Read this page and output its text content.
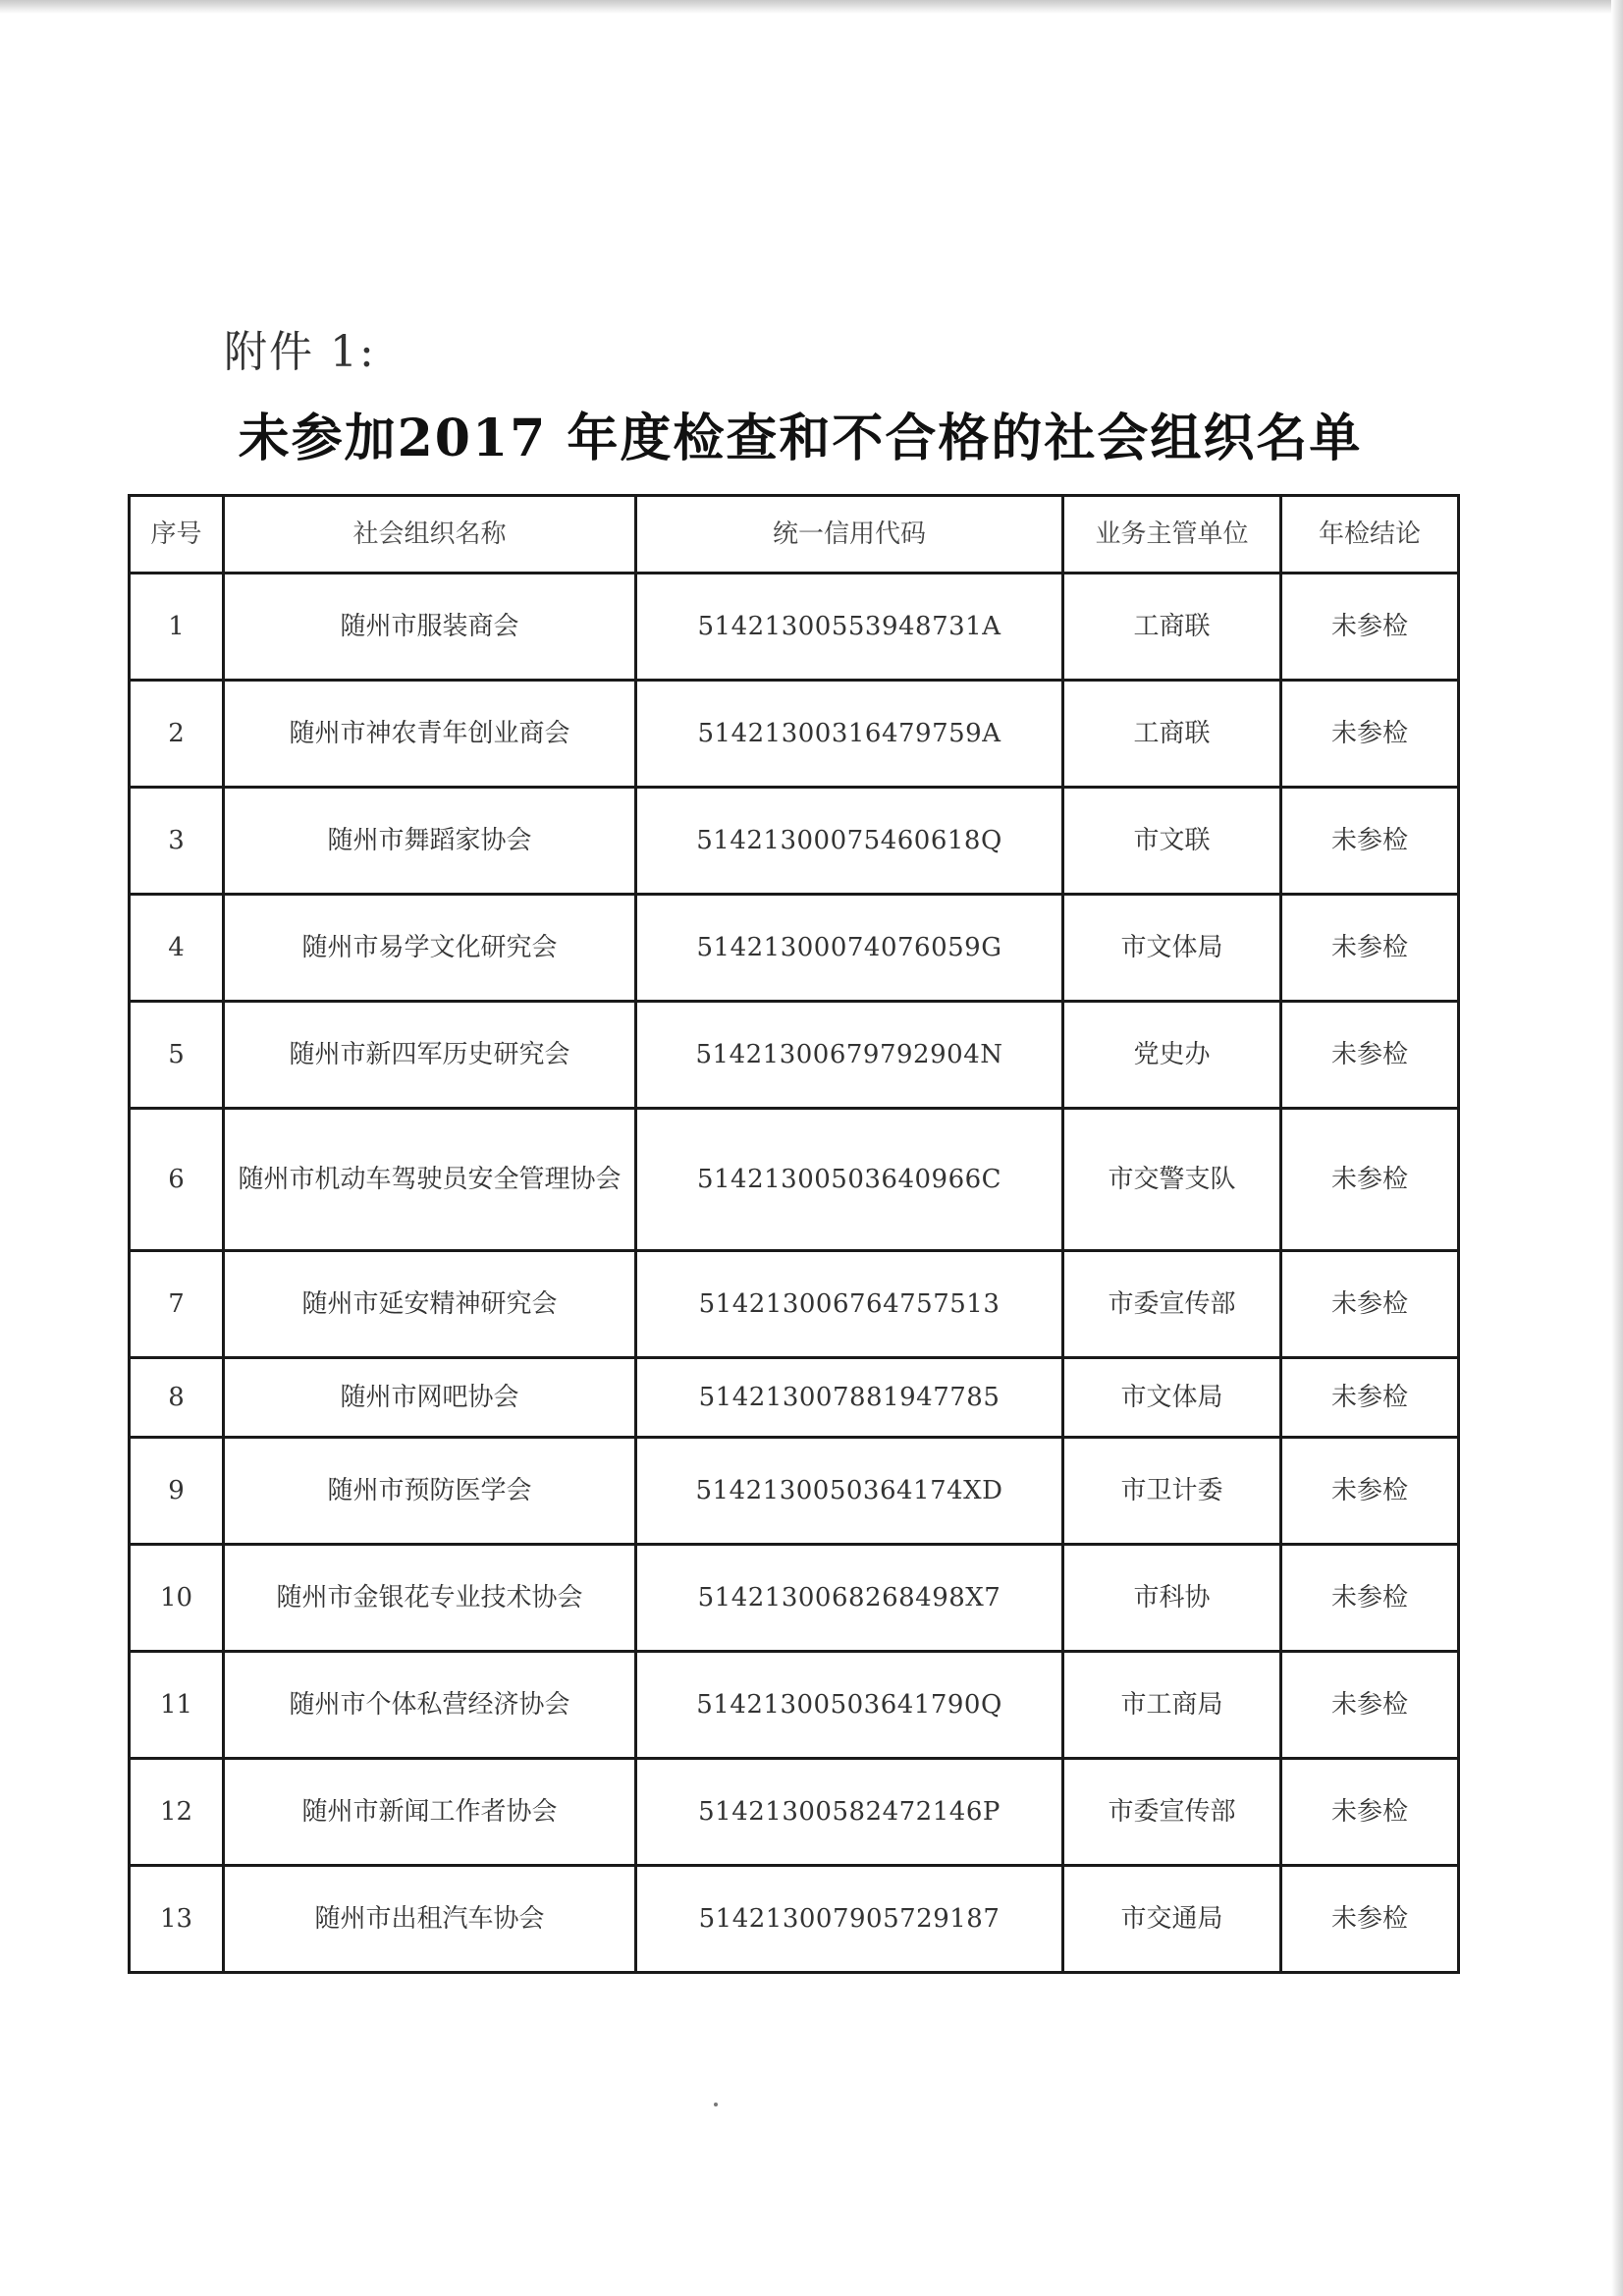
附件 1:
未参加2017 年度检查和不合格的社会组织名单
序号	社会组织名称	统一信用代码	业务主管单位	年检结论
1	随州市服装商会	51421300553948731A	工商联	未参检
2	随州市神农青年创业商会	51421300316479759A	工商联	未参检
3	随州市舞蹈家协会	51421300075460618Q	市文联	未参检
4	随州市易学文化研究会	51421300074076059G	市文体局	未参检
5	随州市新四军历史研究会	51421300679792904N	党史办	未参检
6	随州市机动车驾驶员安全管理协会	51421300503640966C	市交警支队	未参检
7	随州市延安精神研究会	514213006764757513	市委宣传部	未参检
8	随州市网吧协会	514213007881947785	市文体局	未参检
9	随州市预防医学会	5142130050364174XD	市卫计委	未参检
10	随州市金银花专业技术协会	5142130068268498X7	市科协	未参检
11	随州市个体私营经济协会	51421300503641790Q	市工商局	未参检
12	随州市新闻工作者协会	51421300582472146P	市委宣传部	未参检
13	随州市出租汽车协会	514213007905729187	市交通局	未参检
